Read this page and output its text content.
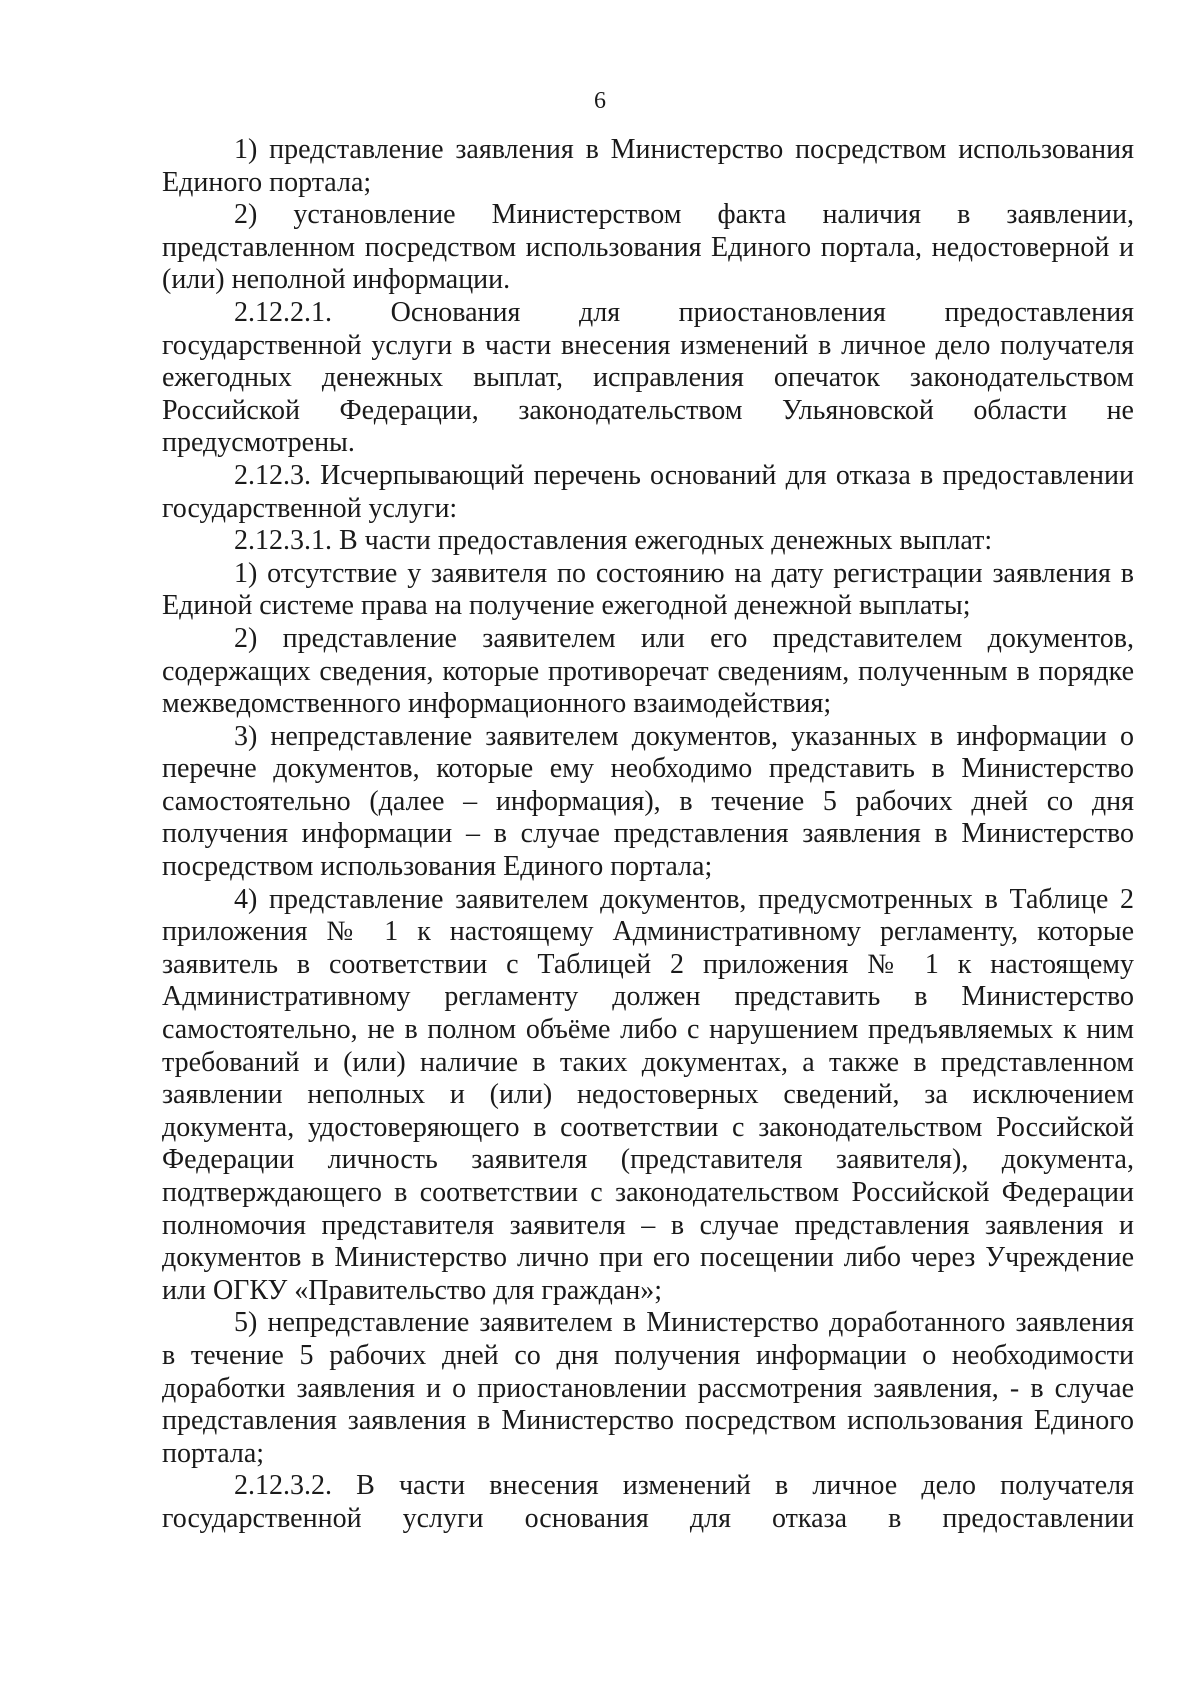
6

1) представление заявления в Министерство посредством использования Единого портала;

2) установление Министерством факта наличия в заявлении, представленном посредством использования Единого портала, недостоверной и (или) неполной информации.

2.12.2.1. Основания для приостановления предоставления государственной услуги в части внесения изменений в личное дело получателя ежегодных денежных выплат, исправления опечаток законодательством Российской Федерации, законодательством Ульяновской области не предусмотрены.

2.12.3. Исчерпывающий перечень оснований для отказа в предоставлении государственной услуги:

2.12.3.1. В части предоставления ежегодных денежных выплат:

1) отсутствие у заявителя по состоянию на дату регистрации заявления в Единой системе права на получение ежегодной денежной выплаты;

2) представление заявителем или его представителем документов, содержащих сведения, которые противоречат сведениям, полученным в порядке межведомственного информационного взаимодействия;

3) непредставление заявителем документов, указанных в информации о перечне документов, которые ему необходимо представить в Министерство самостоятельно (далее – информация), в течение 5 рабочих дней со дня получения информации – в случае представления заявления в Министерство посредством использования Единого портала;

4) представление заявителем документов, предусмотренных в Таблице 2 приложения № 1 к настоящему Административному регламенту, которые заявитель в соответствии с Таблицей 2 приложения № 1 к настоящему Административному регламенту должен представить в Министерство самостоятельно, не в полном объёме либо с нарушением предъявляемых к ним требований и (или) наличие в таких документах, а также в представленном заявлении неполных и (или) недостоверных сведений, за исключением документа, удостоверяющего в соответствии с законодательством Российской Федерации личность заявителя (представителя заявителя), документа, подтверждающего в соответствии с законодательством Российской Федерации полномочия представителя заявителя – в случае представления заявления и документов в Министерство лично при его посещении либо через Учреждение или ОГКУ «Правительство для граждан»;

5) непредставление заявителем в Министерство доработанного заявления в течение 5 рабочих дней со дня получения информации о необходимости доработки заявления и о приостановлении рассмотрения заявления, - в случае представления заявления в Министерство посредством использования Единого портала;

2.12.3.2. В части внесения изменений в личное дело получателя государственной услуги основания для отказа в предоставлении
